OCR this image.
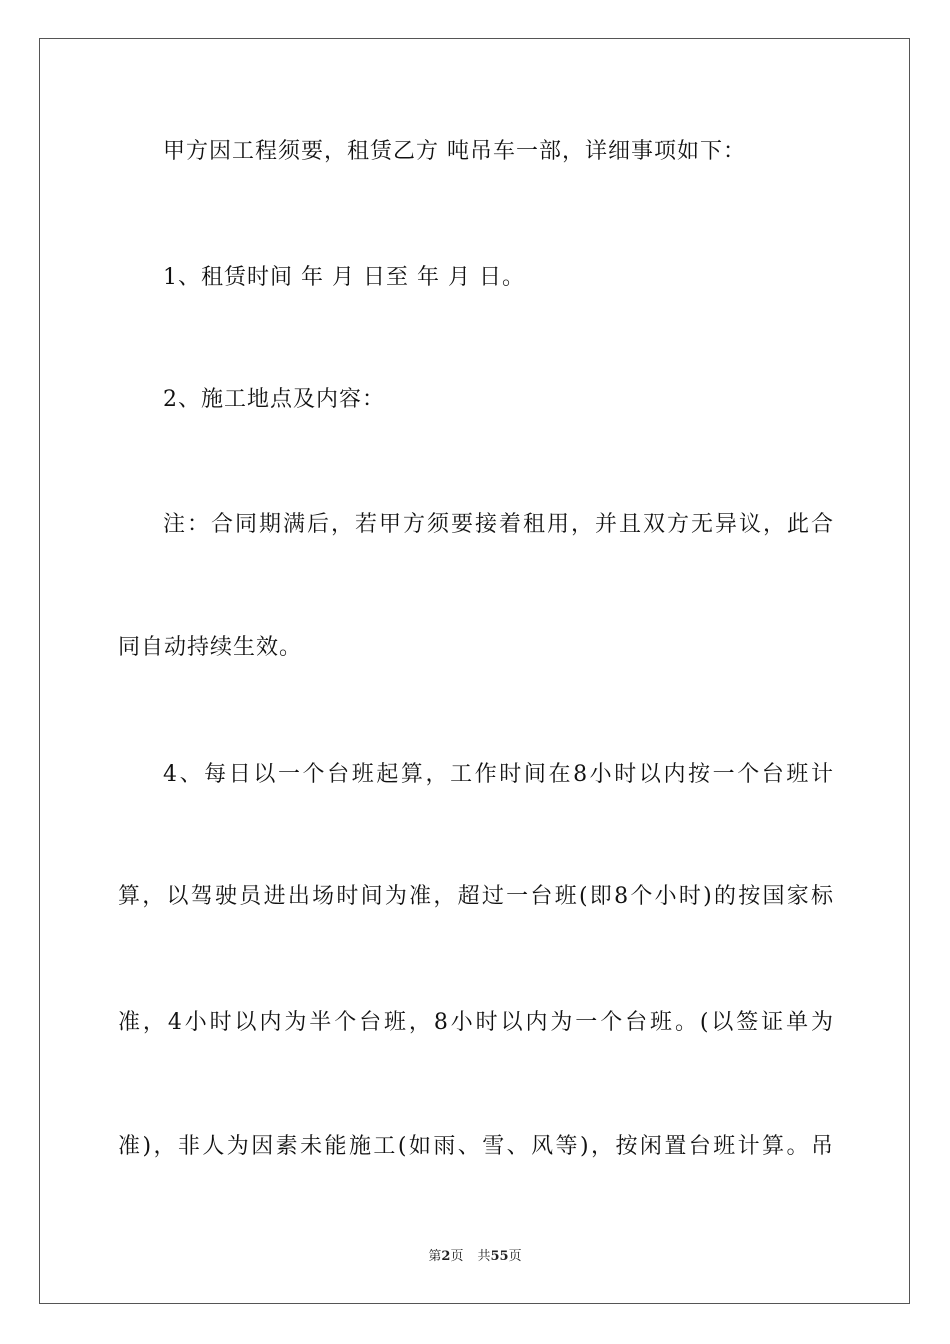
甲方因工程须要，租赁乙方 吨吊车一部，详细事项如下：
1、租赁时间 年 月 日至 年 月 日。
2、施工地点及内容：
注：合同期满后，若甲方须要接着租用，并且双方无异议，此合
同自动持续生效。
4、每日以一个台班起算，工作时间在8小时以内按一个台班计
算，以驾驶员进出场时间为准，超过一台班(即8个小时)的按国家标
准，4小时以内为半个台班，8小时以内为一个台班。(以签证单为
准)，非人为因素未能施工(如雨、雪、风等)，按闲置台班计算。吊
第2页 共55页
